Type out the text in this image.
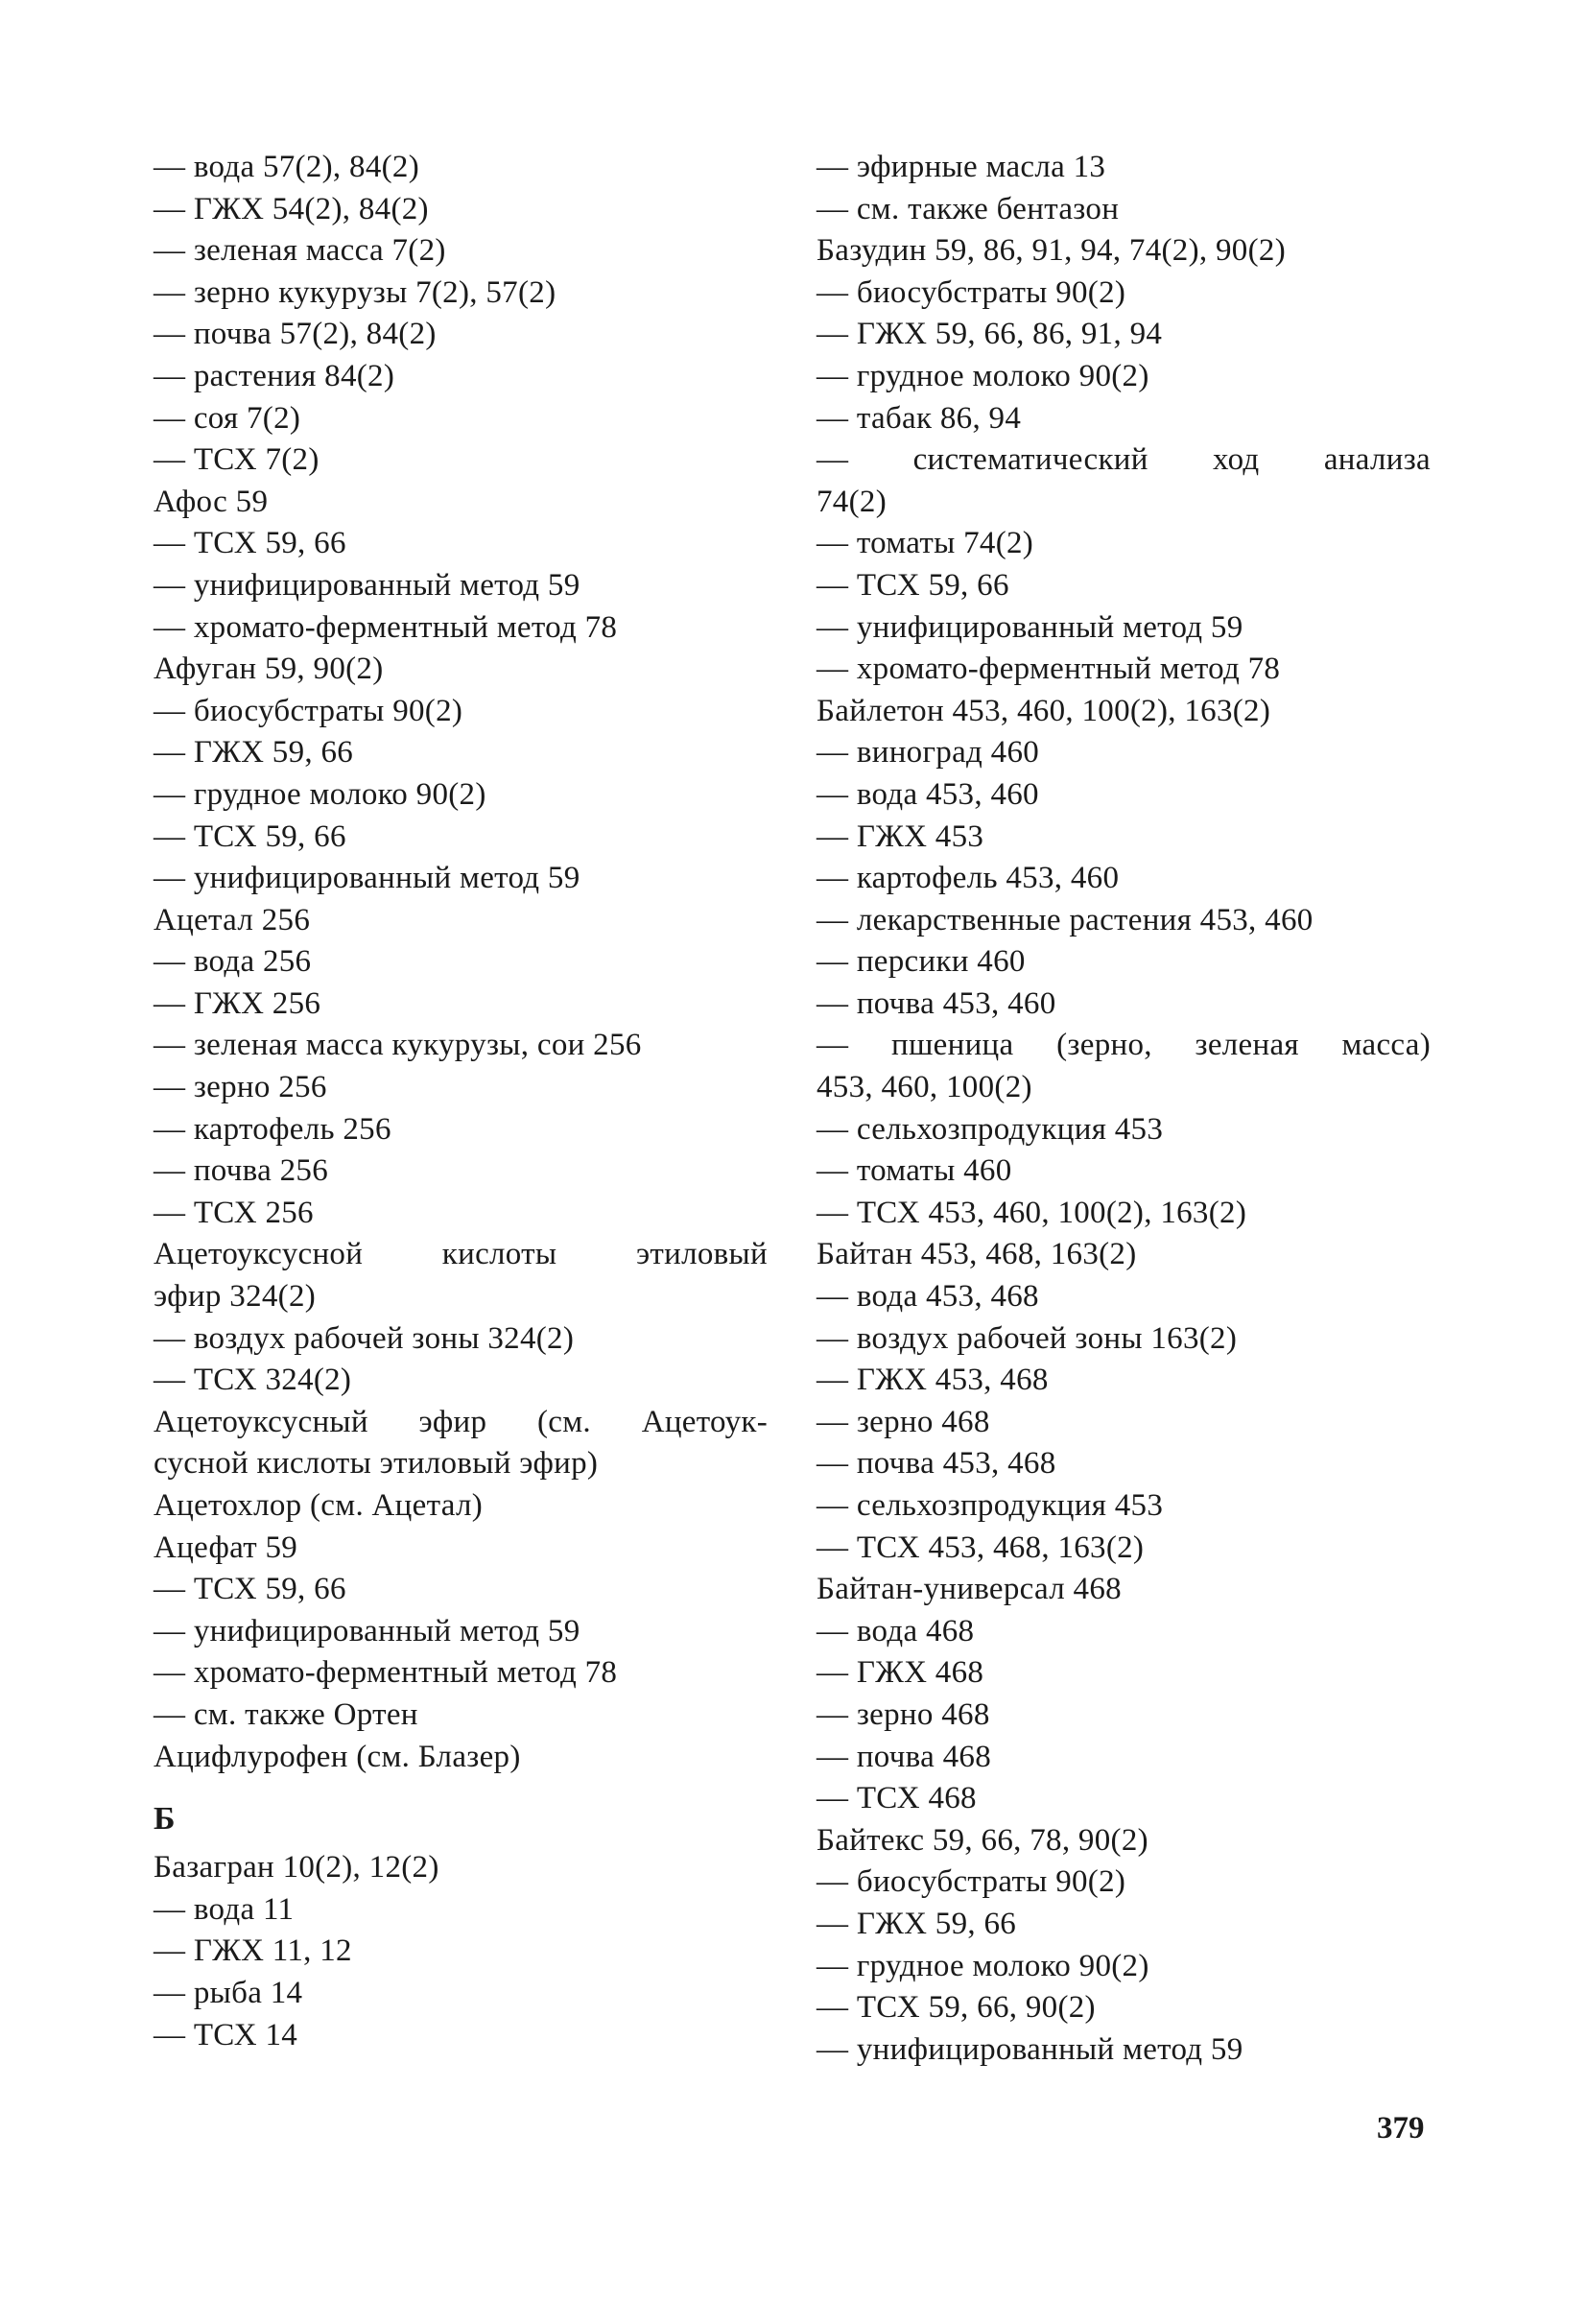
— вода 57(2), 84(2)
— ГЖХ 54(2), 84(2)
— зеленая масса 7(2)
— зерно кукурузы 7(2), 57(2)
— почва 57(2), 84(2)
— растения 84(2)
— соя 7(2)
— ТСХ 7(2)
Афос 59
— ТСХ 59, 66
— унифицированный метод 59
— хромато-ферментный метод 78
Афуган 59, 90(2)
— биосубстраты 90(2)
— ГЖХ 59, 66
— грудное молоко 90(2)
— ТСХ 59, 66
— унифицированный метод 59
Ацетал 256
— вода 256
— ГЖХ 256
— зеленая масса кукурузы, сои 256
— зерно 256
— картофель 256
— почва 256
— ТСХ 256
Ацетоуксусной кислоты этиловый
эфир 324(2)
— воздух рабочей зоны 324(2)
— ТСХ 324(2)
Ацетоуксусный эфир (см. Ацетоук-
сусной кислоты этиловый эфир)
Ацетохлор (см. Ацетал)
Ацефат 59
— ТСХ 59, 66
— унифицированный метод 59
— хромато-ферментный метод 78
— см. также Ортен
Ацифлурофен (см. Блазер)
Б
Базагран 10(2), 12(2)
— вода 11
— ГЖХ 11, 12
— рыба 14
— ТСХ 14
— эфирные масла 13
— см. также бентазон
Базудин 59, 86, 91, 94, 74(2), 90(2)
— биосубстраты 90(2)
— ГЖХ 59, 66, 86, 91, 94
— грудное молоко 90(2)
— табак 86, 94
— систематический ход анализа
74(2)
— томаты 74(2)
— ТСХ 59, 66
— унифицированный метод 59
— хромато-ферментный метод 78
Байлетон 453, 460, 100(2), 163(2)
— виноград 460
— вода 453, 460
— ГЖХ 453
— картофель 453, 460
— лекарственные растения 453, 460
— персики 460
— почва 453, 460
— пшеница (зерно, зеленая масса)
453, 460, 100(2)
— сельхозпродукция 453
— томаты 460
— ТСХ 453, 460, 100(2), 163(2)
Байтан 453, 468, 163(2)
— вода 453, 468
— воздух рабочей зоны 163(2)
— ГЖХ 453, 468
— зерно 468
— почва 453, 468
— сельхозпродукция 453
— ТСХ 453, 468, 163(2)
Байтан-универсал 468
— вода 468
— ГЖХ 468
— зерно 468
— почва 468
— ТСХ 468
Байтекс 59, 66, 78, 90(2)
— биосубстраты 90(2)
— ГЖХ 59, 66
— грудное молоко 90(2)
— ТСХ 59, 66, 90(2)
— унифицированный метод 59
379
